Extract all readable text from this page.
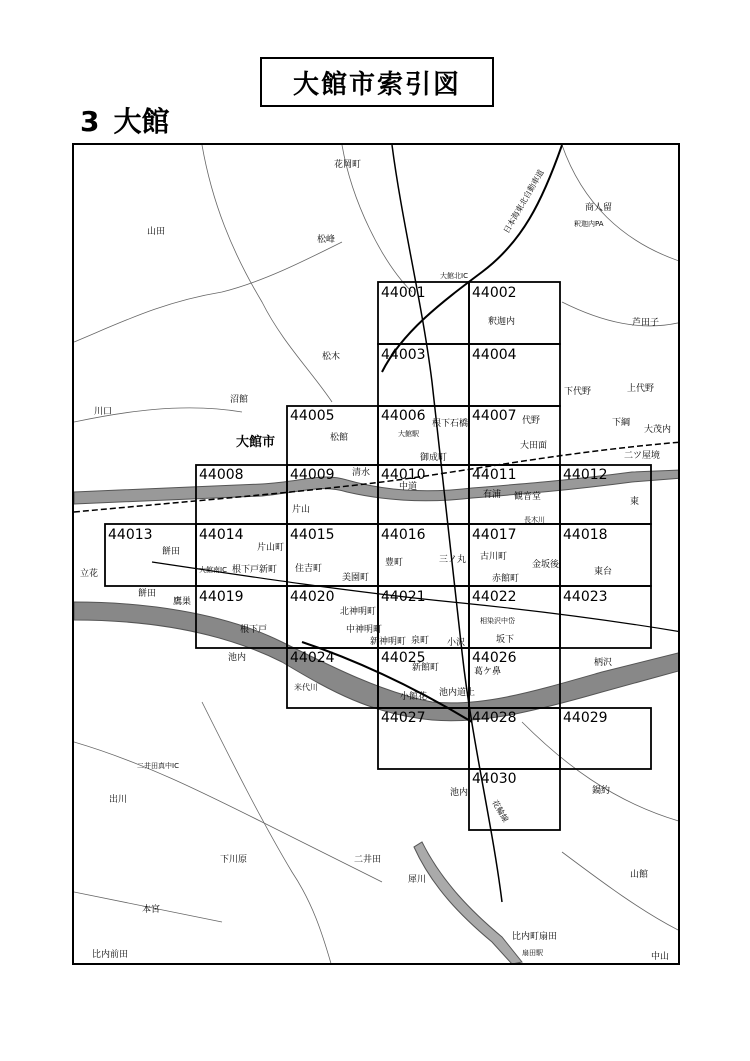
大館市索引図
3 大館
44001	44002
44003	44004
44005	44006	44007
44008	44009	44010	44011	44012
44013	44014	44015	44016	44017	44018
44019	44020	44021	44022	44023
44024	44025	44026
44027	44028	44029
44030
花岡町
山田
松峰
商人留
釈迦内PA
大館北IC
釈迦内	芦田子
松木
川口
沼館
下代野	上代野
下綱
大館市	松館
根下石橋
大館駅
御成町
代野
大田面
大茂内
二ツ屋境
清水
中道
有浦 観音堂	東
片山
長木川
餅田
立花	大館南IC 根下戸新町 住吉町
美園町
片山町
豊町	三ノ丸 古川町
金坂後
赤館町
東台
餅田
鷹巣
根下戸
北神明町
中神明町
新神明町 泉町 小沢
相染沢中岱
坂下
池内
米代川
新館町	葛ケ鼻
小館花 池内道上
柄沢
二井田真中IC
出川
池内	鍋約
下川原	二井田
山館
犀川
本宮
比内町扇田
扇田駅
比内前田	中山
花輪線
日本海東北自動車道
